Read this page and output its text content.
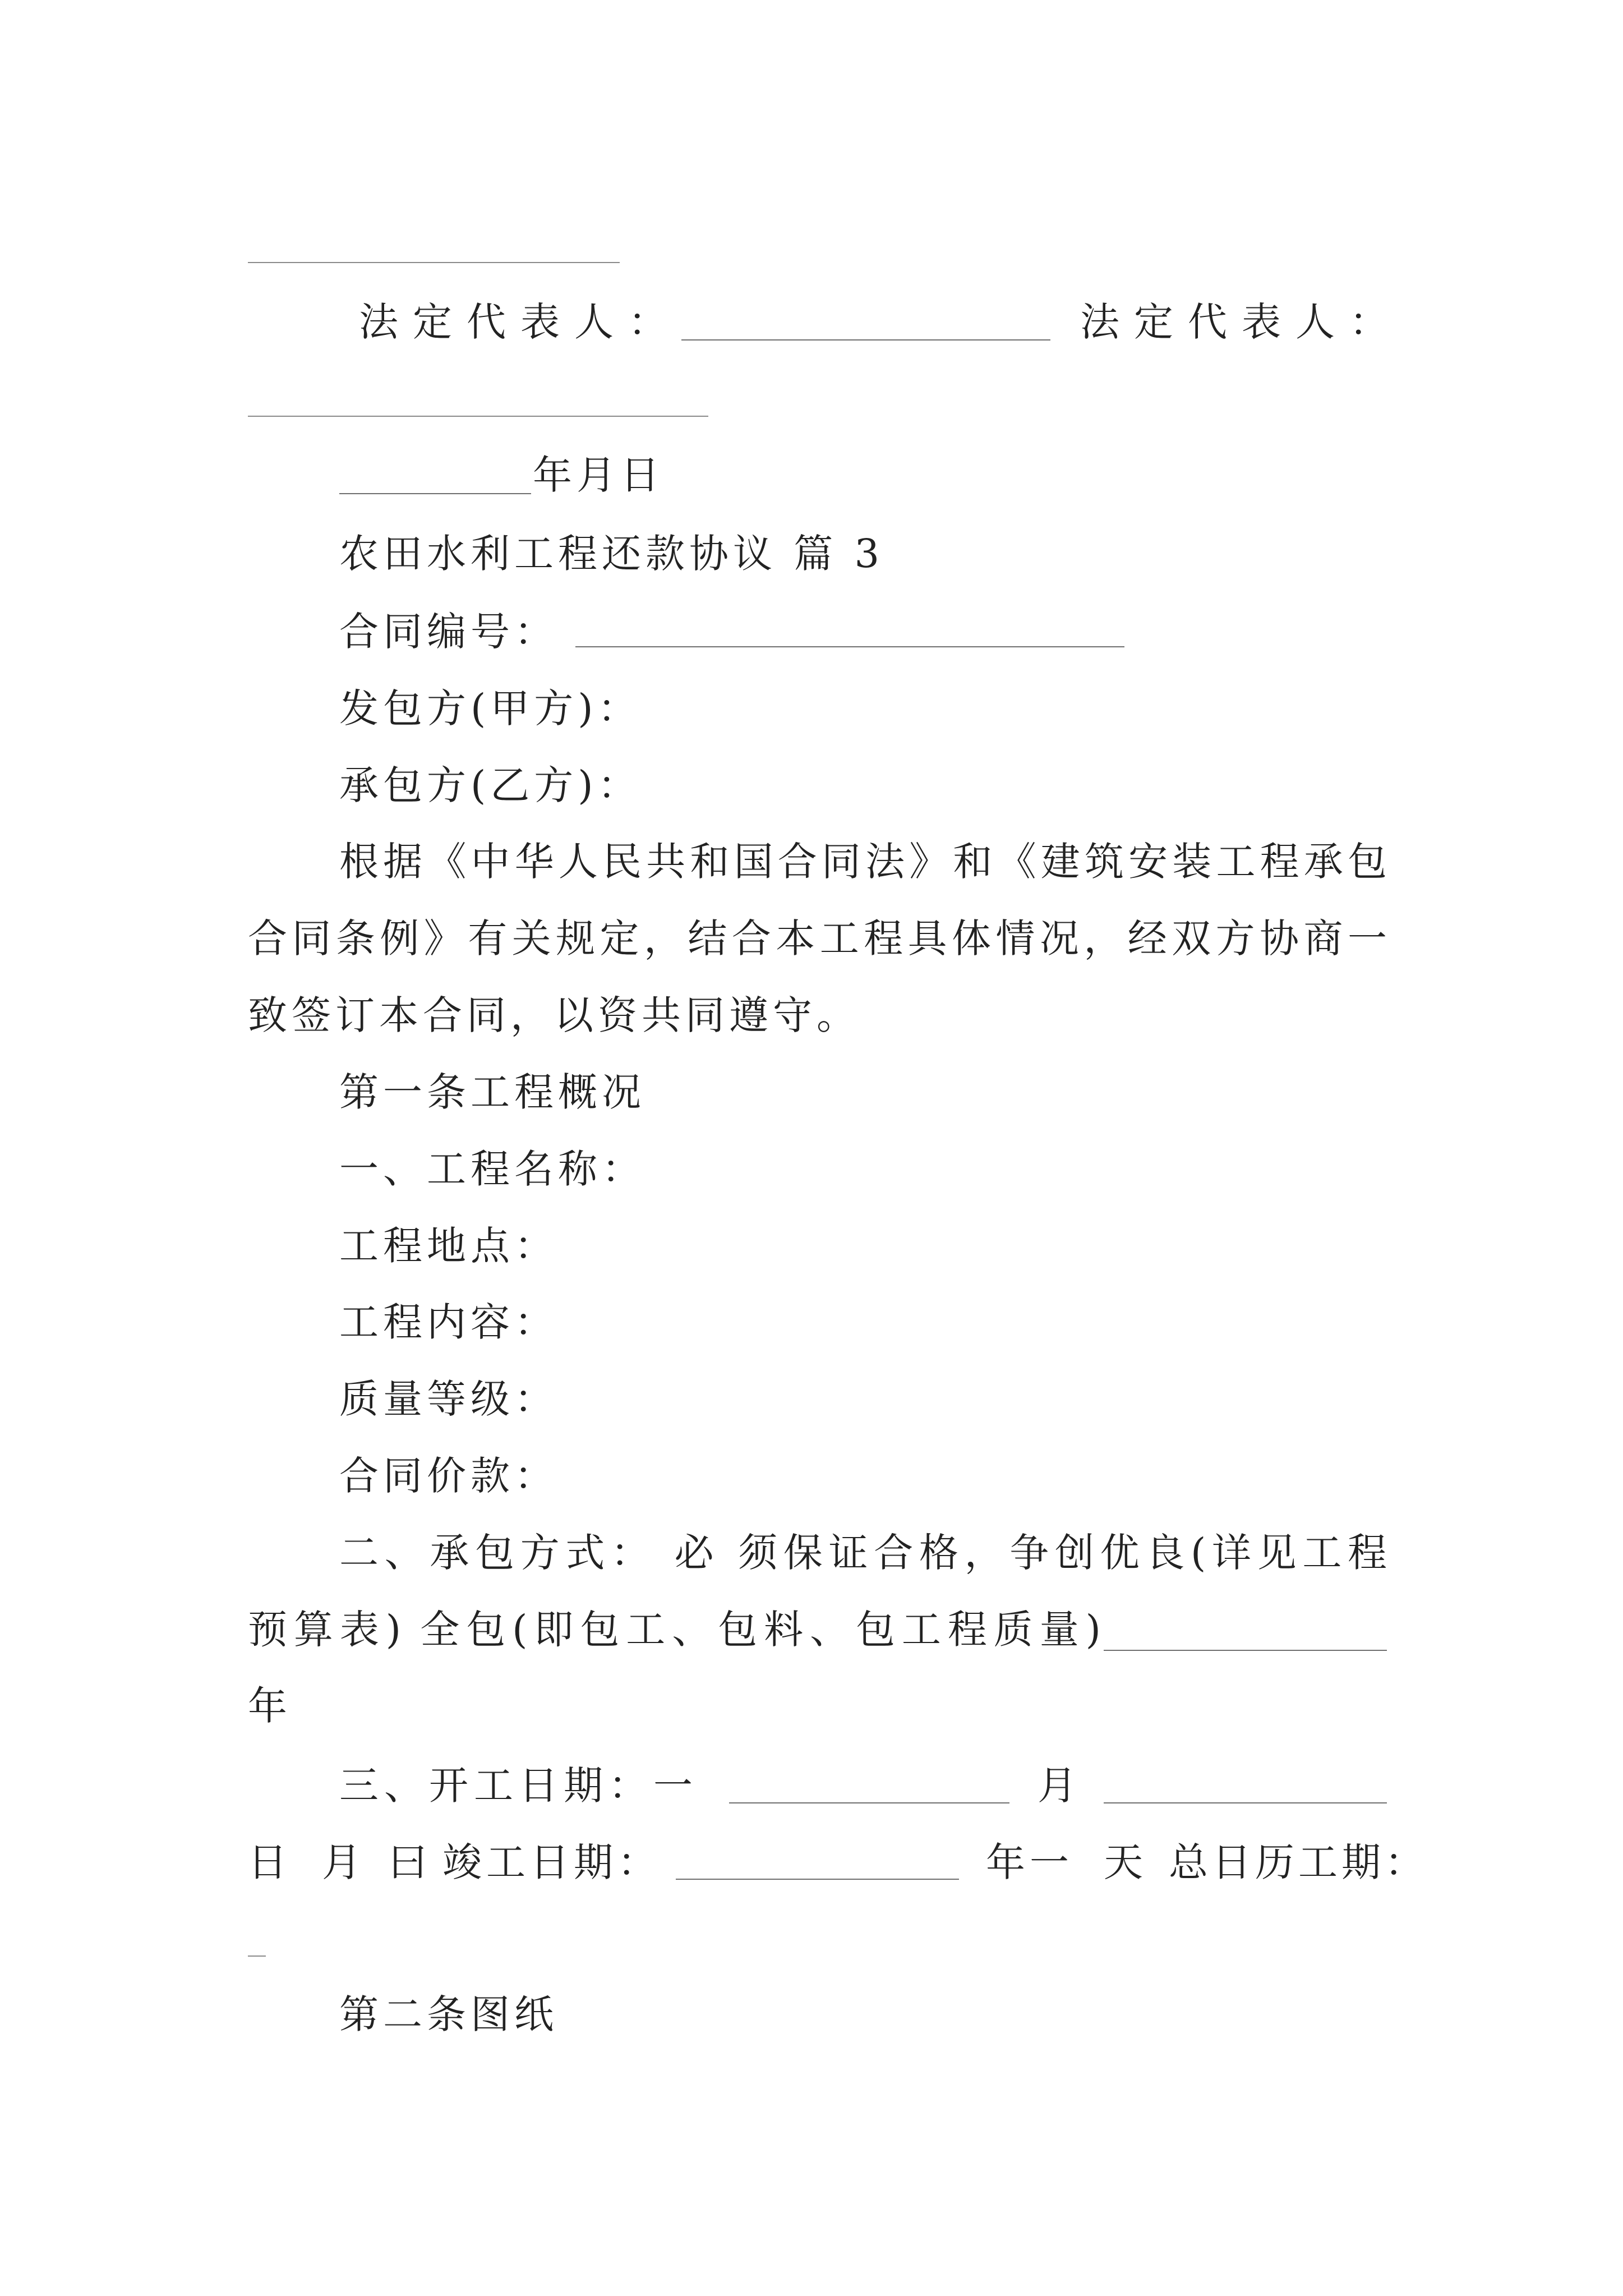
法定代表人：	法定代表人：
年月日
农田水利工程还款协议 篇 3
合同编号：
发包方(甲方)：
承包方(乙方)：
根据《中华人民共和国合同法》和《建筑安装工程承包
合同条例》有关规定，结合本工程具体情况，经双方协商一
致签订本合同，以资共同遵守。
第一条工程概况
一、工程名称：
工程地点：
工程内容：
质量等级：
合同价款：
二、承包方式： 必 须保证合格，争创优良(详见工程
预算表) 全包(即包工、包料、包工程质量)
年
三、开工日期：一	月
日 月 曰 竣工日期：	年一 天 总日历工期：
第二条图纸
